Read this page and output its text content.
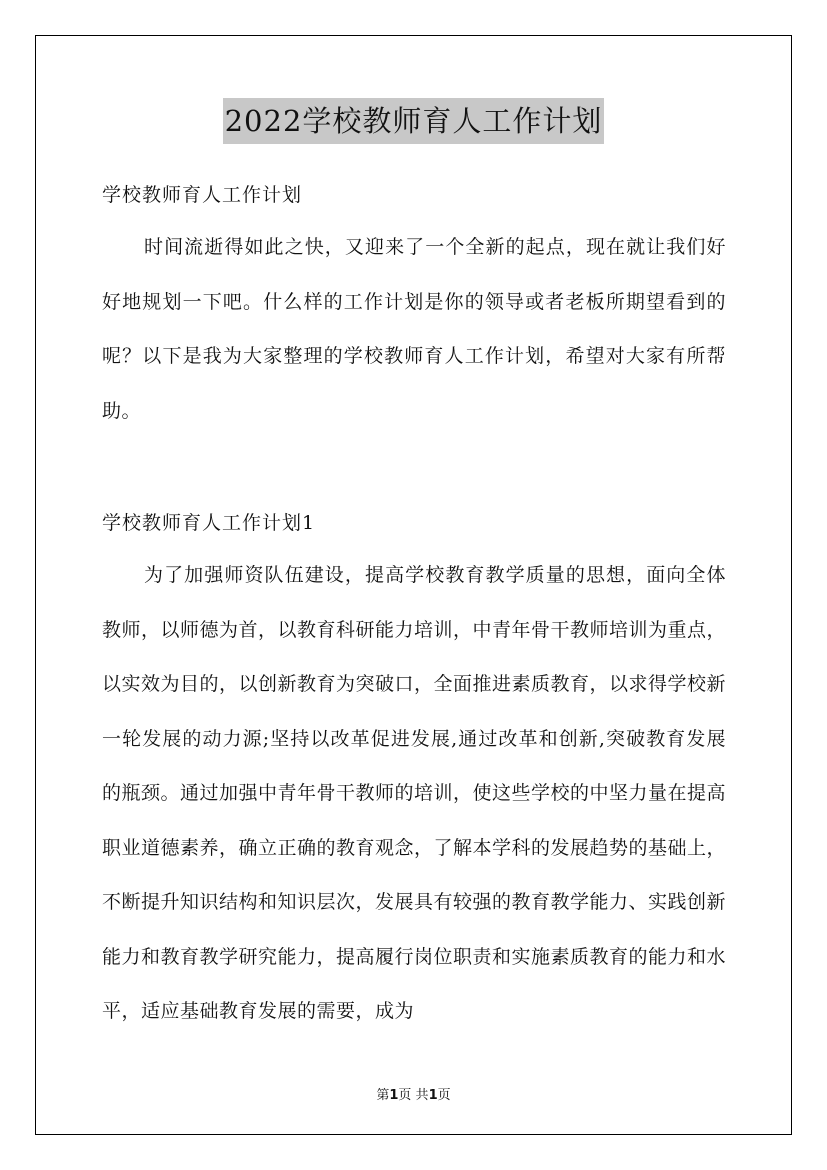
2022学校教师育人工作计划

学校教师育人工作计划

时间流逝得如此之快，又迎来了一个全新的起点，现在就让我们好好地规划一下吧。什么样的工作计划是你的领导或者老板所期望看到的呢？以下是我为大家整理的学校教师育人工作计划，希望对大家有所帮助。

学校教师育人工作计划1

为了加强师资队伍建设，提高学校教育教学质量的思想，面向全体教师，以师德为首，以教育科研能力培训，中青年骨干教师培训为重点，以实效为目的，以创新教育为突破口，全面推进素质教育，以求得学校新一轮发展的动力源;坚持以改革促进发展,通过改革和创新,突破教育发展的瓶颈。通过加强中青年骨干教师的培训，使这些学校的中坚力量在提高职业道德素养，确立正确的教育观念，了解本学科的发展趋势的基础上，不断提升知识结构和知识层次，发展具有较强的教育教学能力、实践创新能力和教育教学研究能力，提高履行岗位职责和实施素质教育的能力和水平，适应基础教育发展的需要，成为

第1页 共1页
